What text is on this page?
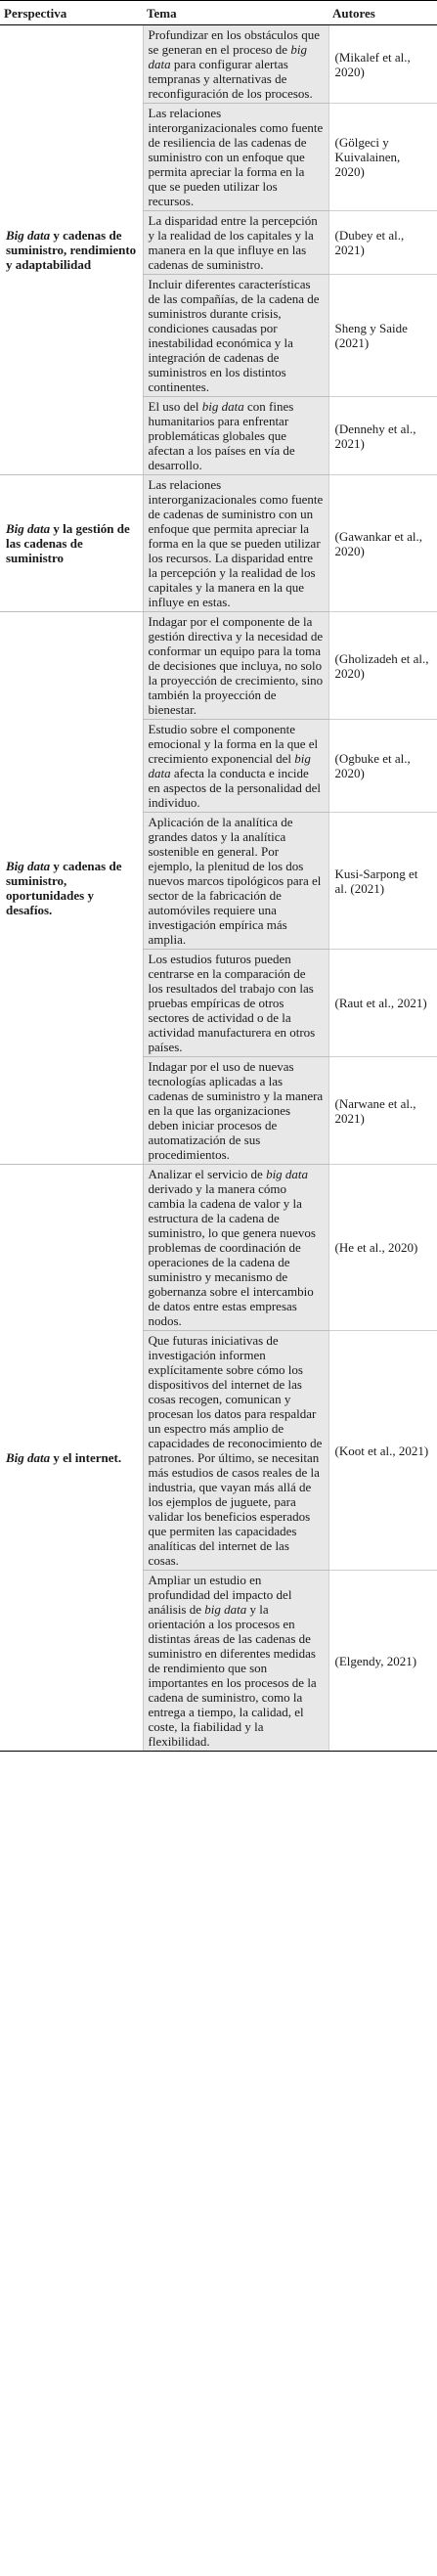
Perspectiva	Tema	Autores
Big data y cadenas de suministro, rendimiento y adaptabilidad	Profundizar en los obstáculos que se generan en el proceso de big data para configurar alertas tempranas y alternativas de reconfiguración de los procesos.	(Mikalef et al., 2020)
	Las relaciones interorganizacionales como fuente de resiliencia de las cadenas de suministro con un enfoque que permita apreciar la forma en la que se pueden utilizar los recursos.	(Gölgeci y Kuivalainen, 2020)
	La disparidad entre la percepción y la realidad de los capitales y la manera en la que influye en las cadenas de suministro.	(Dubey et al., 2021)
	Incluir diferentes características de las compañías, de la cadena de suministros durante crisis, condiciones causadas por inestabilidad económica y la integración de cadenas de suministros en los distintos continentes.	Sheng y Saide (2021)
	El uso del big data con fines humanitarios para enfrentar problemáticas globales que afectan a los países en vía de desarrollo.	(Dennehy et al., 2021)
Big data y la gestión de las cadenas de suministro	Las relaciones interorganizacionales como fuente de cadenas de suministro con un enfoque que permita apreciar la forma en la que se pueden utilizar los recursos. La disparidad entre la percepción y la realidad de los capitales y la manera en la que influye en estas.	(Gawankar et al., 2020)
Big data y cadenas de suministro, oportunidades y desafíos.	Indagar por el componente de la gestión directiva y la necesidad de conformar un equipo para la toma de decisiones que incluya, no solo la proyección de crecimiento, sino también la proyección de bienestar.	(Gholizadeh et al., 2020)
	Estudio sobre el componente emocional y la forma en la que el crecimiento exponencial del big data afecta la conducta e incide en aspectos de la personalidad del individuo.	(Ogbuke et al., 2020)
	Aplicación de la analítica de grandes datos y la analítica sostenible en general. Por ejemplo, la plenitud de los dos nuevos marcos tipológicos para el sector de la fabricación de automóviles requiere una investigación empírica más amplia.	Kusi-Sarpong et al. (2021)
	Los estudios futuros pueden centrarse en la comparación de los resultados del trabajo con las pruebas empíricas de otros sectores de actividad o de la actividad manufacturera en otros países.	(Raut et al., 2021)
	Indagar por el uso de nuevas tecnologías aplicadas a las cadenas de suministro y la manera en la que las organizaciones deben iniciar procesos de automatización de sus procedimientos.	(Narwane et al., 2021)
Big data y el internet.	Analizar el servicio de big data derivado y la manera cómo cambia la cadena de valor y la estructura de la cadena de suministro, lo que genera nuevos problemas de coordinación de operaciones de la cadena de suministro y mecanismo de gobernanza sobre el intercambio de datos entre estas empresas nodos.	(He et al., 2020)
	Que futuras iniciativas de investigación informen explícitamente sobre cómo los dispositivos del internet de las cosas recogen, comunican y procesan los datos para respaldar un espectro más amplio de capacidades de reconocimiento de patrones. Por último, se necesitan más estudios de casos reales de la industria, que vayan más allá de los ejemplos de juguete, para validar los beneficios esperados que permiten las capacidades analíticas del internet de las cosas.	(Koot et al., 2021)
	Ampliar un estudio en profundidad del impacto del análisis de big data y la orientación a los procesos en distintas áreas de las cadenas de suministro en diferentes medidas de rendimiento que son importantes en los procesos de la cadena de suministro, como la entrega a tiempo, la calidad, el coste, la fiabilidad y la flexibilidad.	(Elgendy, 2021)
